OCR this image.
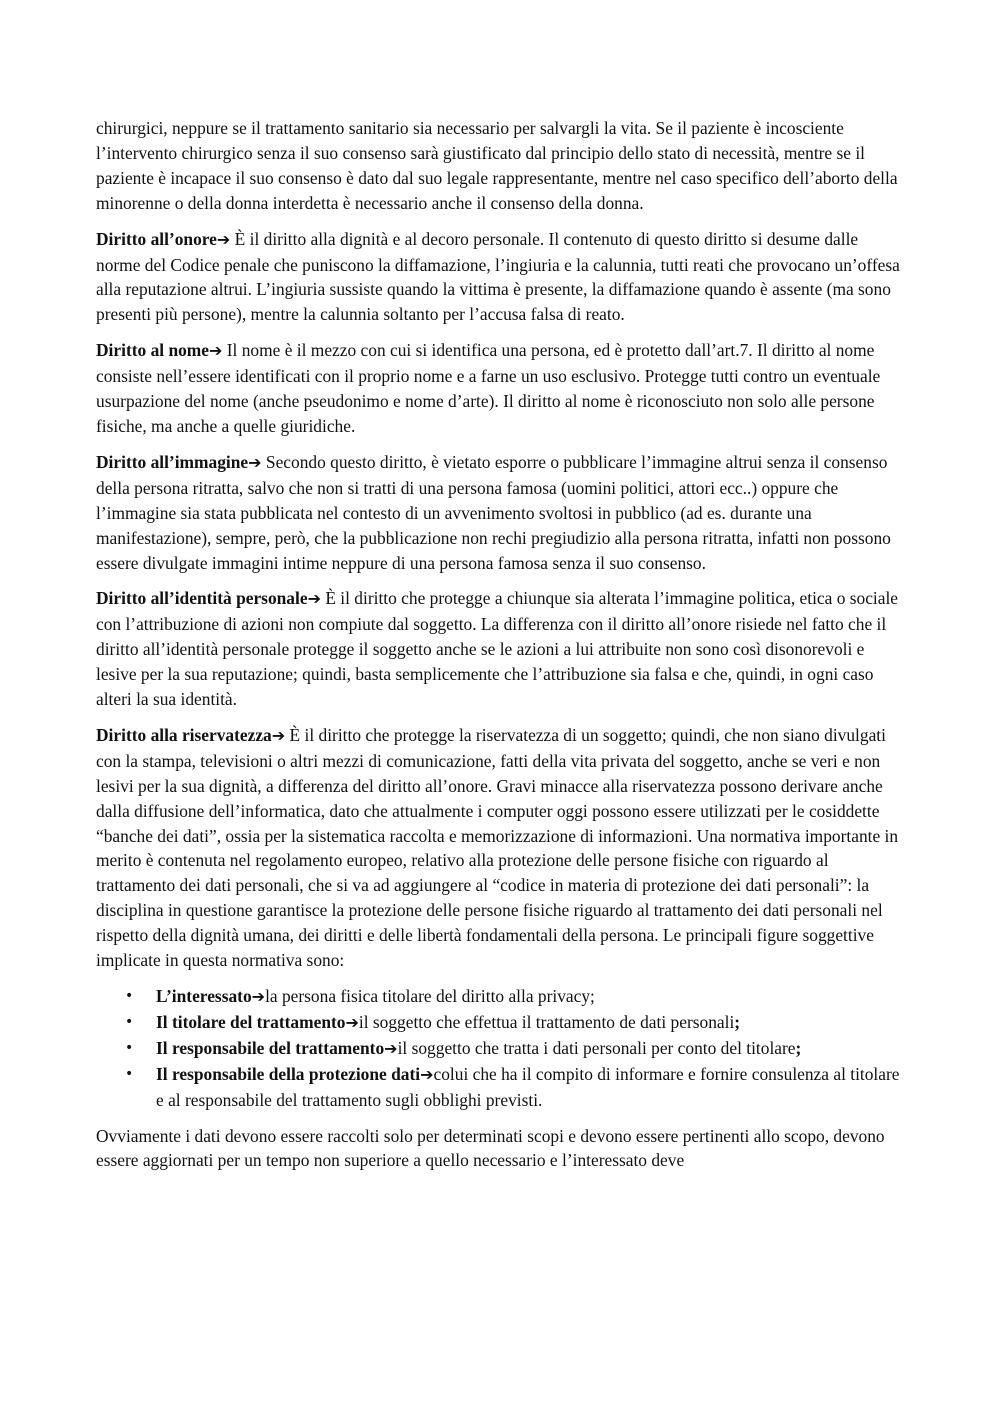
chirurgici, neppure se il trattamento sanitario sia necessario per salvargli la vita. Se il paziente è incosciente l’intervento chirurgico senza il suo consenso sarà giustificato dal principio dello stato di necessità, mentre se il paziente è incapace il suo consenso è dato dal suo legale rappresentante, mentre nel caso specifico dell’aborto della minorenne o della donna interdetta è necessario anche il consenso della donna.

Diritto all’onore➔ È il diritto alla dignità e al decoro personale. Il contenuto di questo diritto si desume dalle norme del Codice penale che puniscono la diffamazione, l’ingiuria e la calunnia, tutti reati che provocano un’offesa alla reputazione altrui. L’ingiuria sussiste quando la vittima è presente, la diffamazione quando è assente (ma sono presenti più persone), mentre la calunnia soltanto per l’accusa falsa di reato.

Diritto al nome➔ Il nome è il mezzo con cui si identifica una persona, ed è protetto dall’art.7. Il diritto al nome consiste nell’essere identificati con il proprio nome e a farne un uso esclusivo. Protegge tutti contro un eventuale usurpazione del nome (anche pseudonimo e nome d’arte). Il diritto al nome è riconosciuto non solo alle persone fisiche, ma anche a quelle giuridiche.

Diritto all’immagine➔ Secondo questo diritto, è vietato esporre o pubblicare l’immagine altrui senza il consenso della persona ritratta, salvo che non si tratti di una persona famosa (uomini politici, attori ecc..) oppure che l’immagine sia stata pubblicata nel contesto di un avvenimento svoltosi in pubblico (ad es. durante una manifestazione), sempre, però, che la pubblicazione non rechi pregiudizio alla persona ritratta, infatti non possono essere divulgate immagini intime neppure di una persona famosa senza il suo consenso.

Diritto all’identità personale➔ È il diritto che protegge a chiunque sia alterata l’immagine politica, etica o sociale con l’attribuzione di azioni non compiute dal soggetto. La differenza con il diritto all’onore risiede nel fatto che il diritto all’identità personale protegge il soggetto anche se le azioni a lui attribuite non sono così disonorevoli e lesive per la sua reputazione; quindi, basta semplicemente che l’attribuzione sia falsa e che, quindi, in ogni caso alteri la sua identità.

Diritto alla riservatezza➔ È il diritto che protegge la riservatezza di un soggetto; quindi, che non siano divulgati con la stampa, televisioni o altri mezzi di comunicazione, fatti della vita privata del soggetto, anche se veri e non lesivi per la sua dignità, a differenza del diritto all’onore. Gravi minacce alla riservatezza possono derivare anche dalla diffusione dell’informatica, dato che attualmente i computer oggi possono essere utilizzati per le cosiddette “banche dei dati”, ossia per la sistematica raccolta e memorizzazione di informazioni. Una normativa importante in merito è contenuta nel regolamento europeo, relativo alla protezione delle persone fisiche con riguardo al trattamento dei dati personali, che si va ad aggiungere al “codice in materia di protezione dei dati personali”: la disciplina in questione garantisce la protezione delle persone fisiche riguardo al trattamento dei dati personali nel rispetto della dignità umana, dei diritti e delle libertà fondamentali della persona. Le principali figure soggettive implicate in questa normativa sono:

• L’interessato➔la persona fisica titolare del diritto alla privacy;
• Il titolare del trattamento➔il soggetto che effettua il trattamento de dati personali;
• Il responsabile del trattamento➔il soggetto che tratta i dati personali per conto del titolare;
• Il responsabile della protezione dati➔colui che ha il compito di informare e fornire consulenza al titolare e al responsabile del trattamento sugli obblighi previsti.

Ovviamente i dati devono essere raccolti solo per determinati scopi e devono essere pertinenti allo scopo, devono essere aggiornati per un tempo non superiore a quello necessario e l’interessato deve
